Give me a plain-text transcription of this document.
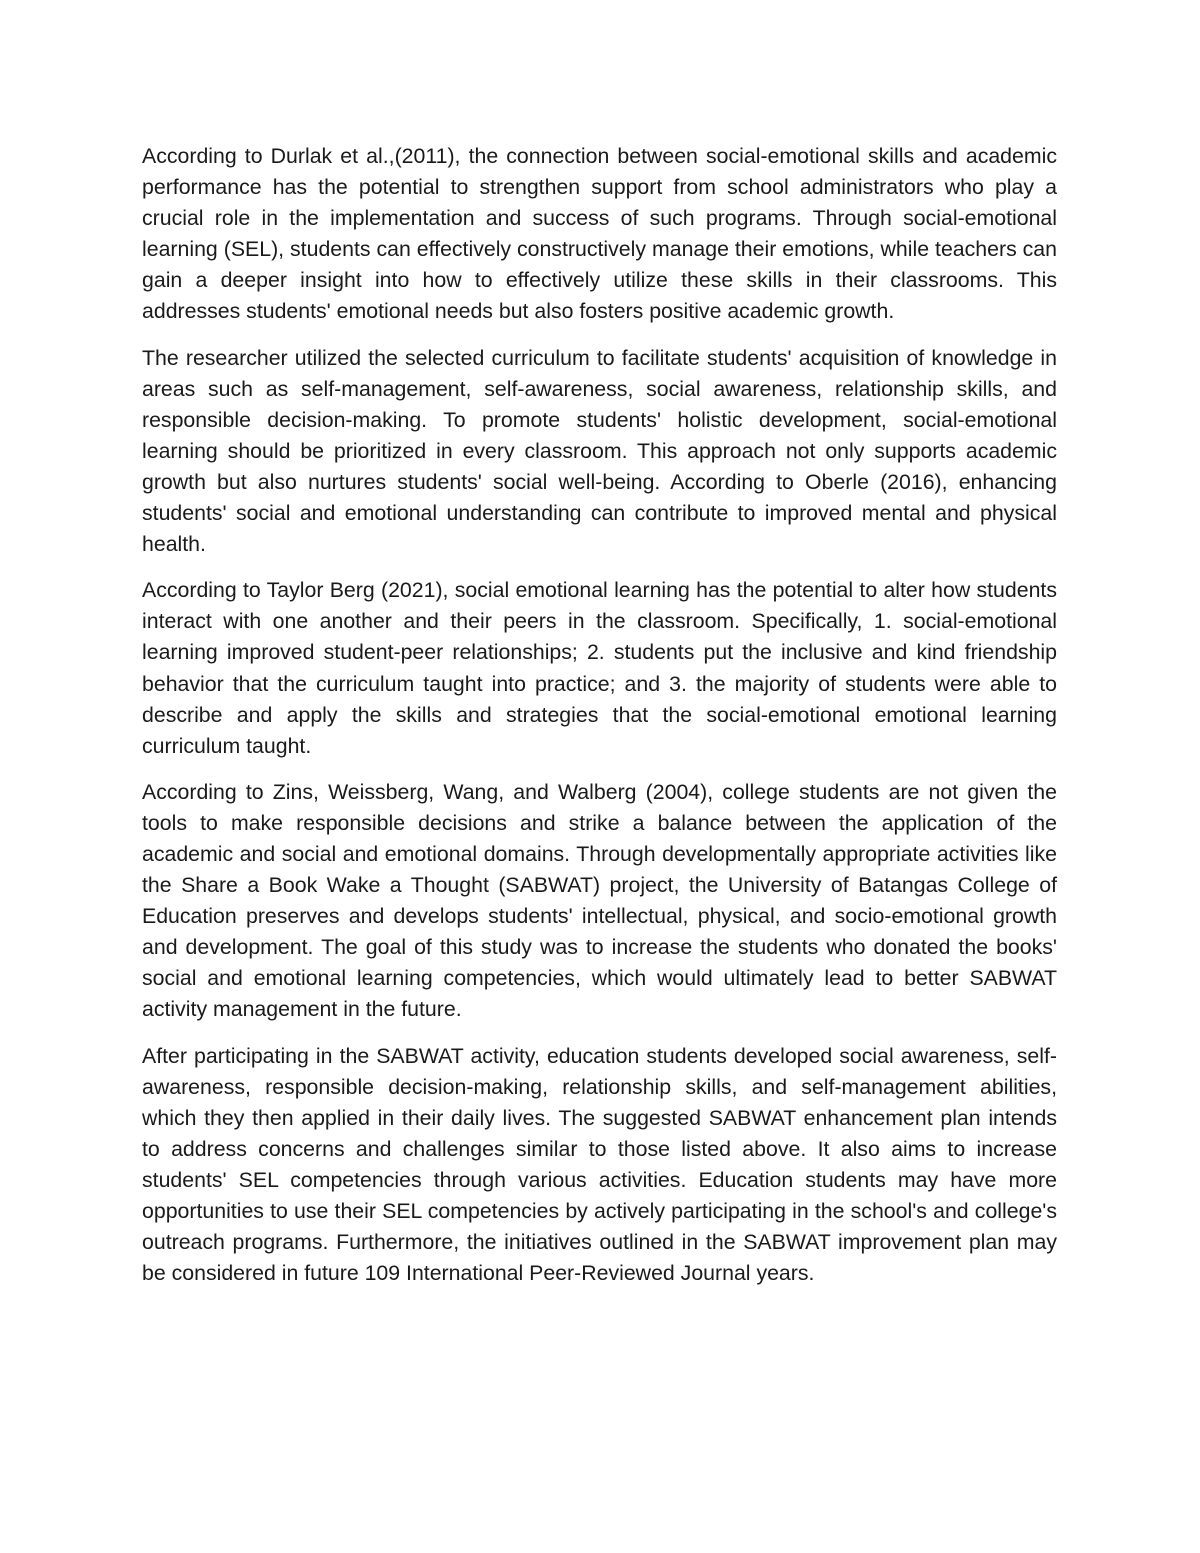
According to Durlak et al.,(2011), the connection between social-emotional skills and academic performance has the potential to strengthen support from school administrators who play a crucial role in the implementation and success of such programs. Through social-emotional learning (SEL), students can effectively constructively manage their emotions, while teachers can gain a deeper insight into how to effectively utilize these skills in their classrooms. This addresses students' emotional needs but also fosters positive academic growth.

The researcher utilized the selected curriculum to facilitate students' acquisition of knowledge in areas such as self-management, self-awareness, social awareness, relationship skills, and responsible decision-making. To promote students' holistic development, social-emotional learning should be prioritized in every classroom. This approach not only supports academic growth but also nurtures students' social well-being. According to Oberle (2016), enhancing students' social and emotional understanding can contribute to improved mental and physical health.

According to Taylor Berg (2021), social emotional learning has the potential to alter how students interact with one another and their peers in the classroom. Specifically, 1. social-emotional learning improved student-peer relationships; 2. students put the inclusive and kind friendship behavior that the curriculum taught into practice; and 3. the majority of students were able to describe and apply the skills and strategies that the social-emotional emotional learning curriculum taught.

According to Zins, Weissberg, Wang, and Walberg (2004), college students are not given the tools to make responsible decisions and strike a balance between the application of the academic and social and emotional domains. Through developmentally appropriate activities like the Share a Book Wake a Thought (SABWAT) project, the University of Batangas College of Education preserves and develops students' intellectual, physical, and socio-emotional growth and development. The goal of this study was to increase the students who donated the books' social and emotional learning competencies, which would ultimately lead to better SABWAT activity management in the future.

After participating in the SABWAT activity, education students developed social awareness, self-awareness, responsible decision-making, relationship skills, and self-management abilities, which they then applied in their daily lives. The suggested SABWAT enhancement plan intends to address concerns and challenges similar to those listed above. It also aims to increase students' SEL competencies through various activities. Education students may have more opportunities to use their SEL competencies by actively participating in the school's and college's outreach programs. Furthermore, the initiatives outlined in the SABWAT improvement plan may be considered in future 109 International Peer-Reviewed Journal years.
